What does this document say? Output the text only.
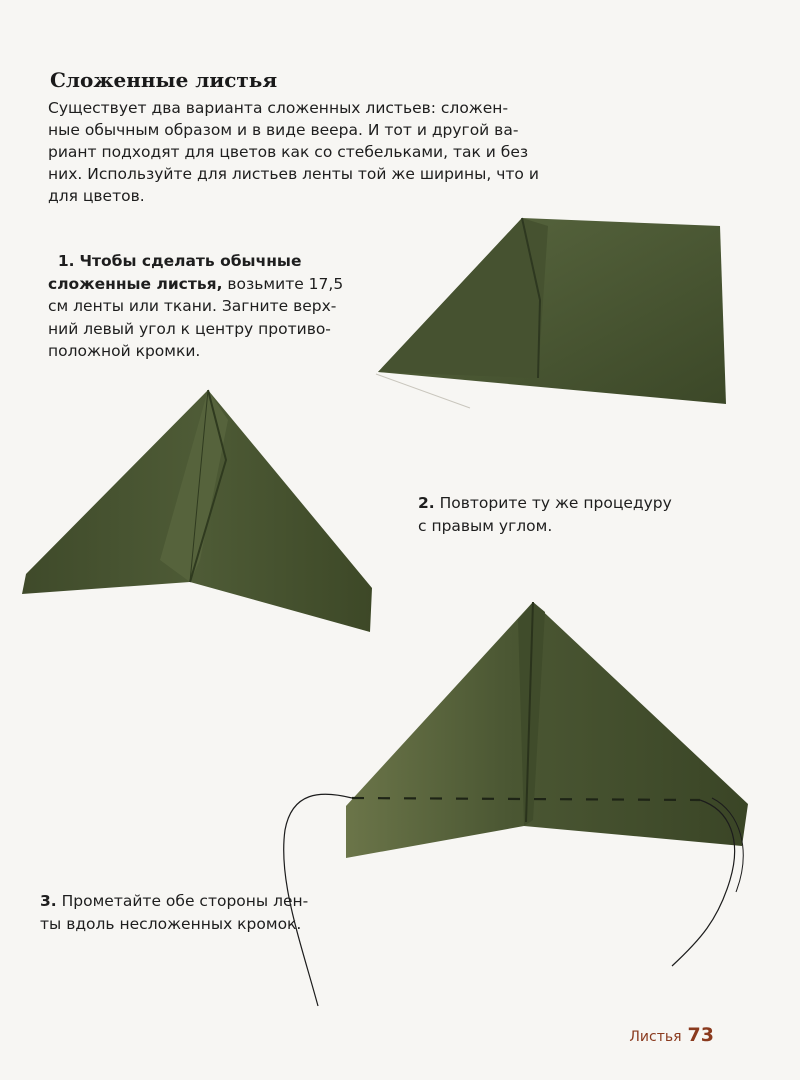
Сложенные листья

Существует два варианта сложенных листьев: сложен-
ные обычным образом и в виде веера. И тот и другой ва-
риант подходят для цветов как со стебельками, так и без
них. Используйте для листьев ленты той же ширины, что и
для цветов.

1. Чтобы сделать обычные
сложенные листья, возьмите 17,5
см ленты или ткани. Загните верх-
ний левый угол к центру противо-
положной кромки.

2. Повторите ту же процедуру
с правым углом.

3. Прометайте обе стороны лен-
ты вдоль несложенных кромок.

Листья 73
